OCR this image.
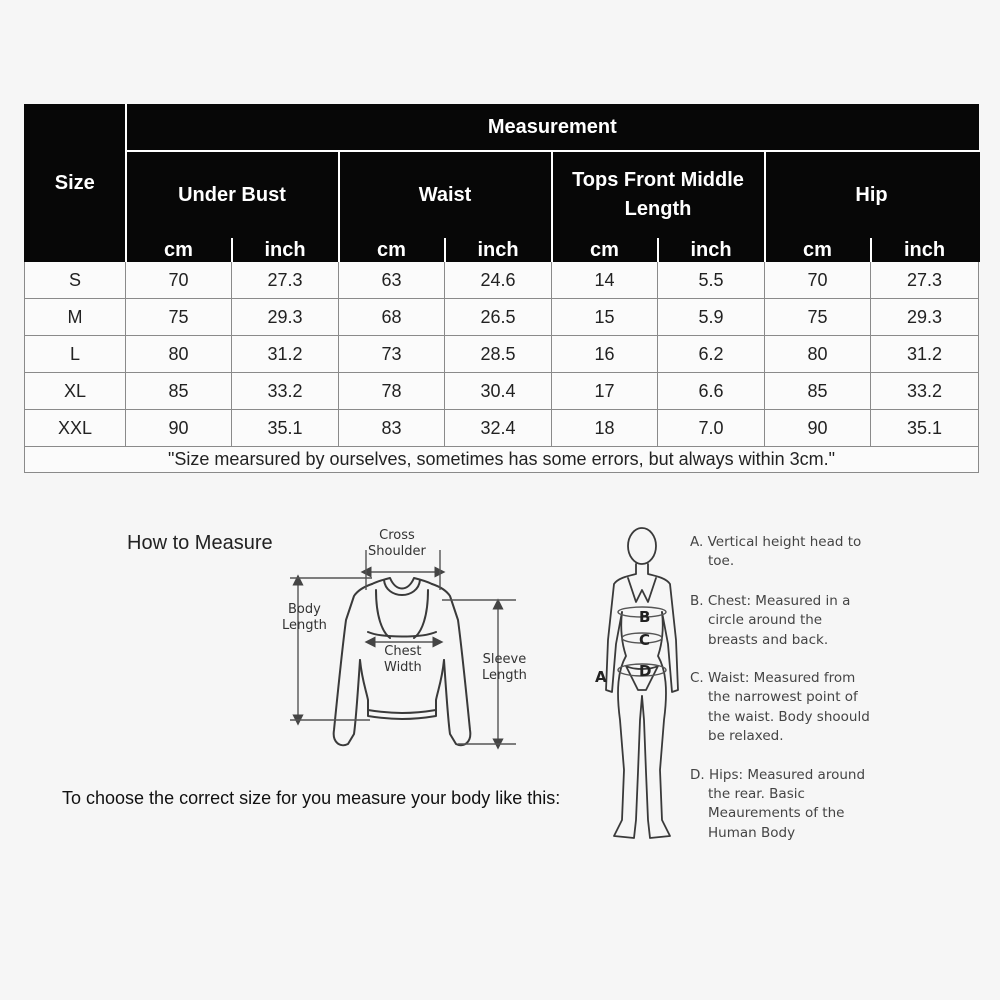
Size	Measurement							
	Under Bust		Waist		Tops Front Middle
Length		Hip	
	cm	inch	cm	inch	cm	inch	cm	inch
S	70	27.3	63	24.6	14	5.5	70	27.3
M	75	29.3	68	26.5	15	5.9	75	29.3
L	80	31.2	73	28.5	16	6.2	80	31.2
XL	85	33.2	78	30.4	17	6.6	85	33.2
XXL	90	35.1	83	32.4	18	7.0	90	35.1
"Size mearsured by ourselves, sometimes has some errors, but always within 3cm."								
How to Measure
To choose the correct size for you measure your body like this:
Cross
Shoulder
Body
Length
Chest
Width
Sleeve
Length
B
C
D
A
A. Vertical height head to toe.
B. Chest: Measured in a circle around the breasts and back.
C. Waist: Measured from the narrowest point of the waist. Body shoould be relaxed.
D. Hips: Measured around the rear. Basic Meaurements of the Human Body
